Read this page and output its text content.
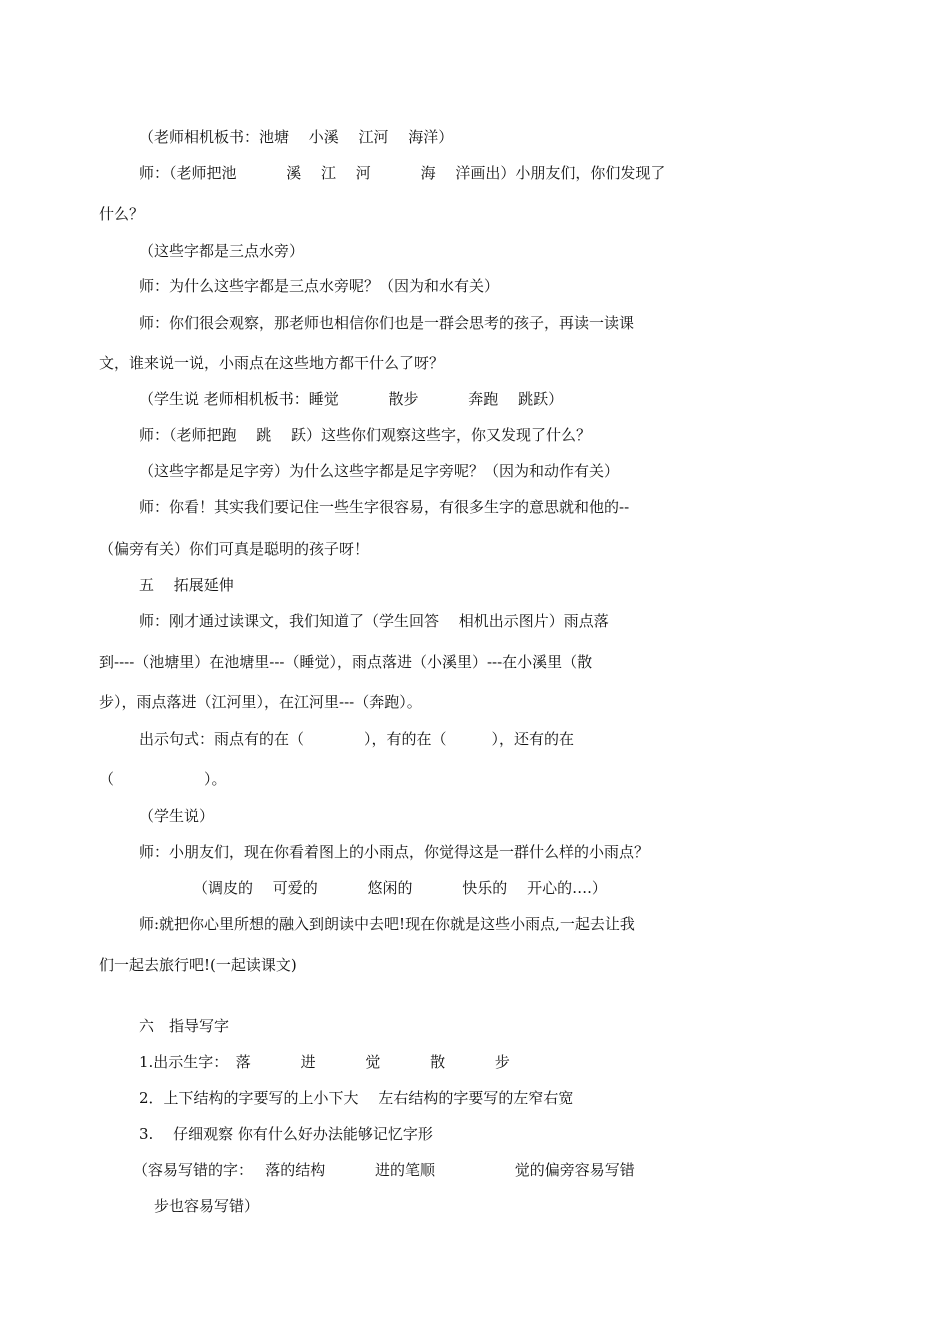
（老师相机板书：池塘　 小溪　 江河　 海洋）
师：（老师把池　　　 溪　 江　 河　　　 海　 洋画出）小朋友们，你们发现了
什么？
（这些字都是三点水旁）
师：为什么这些字都是三点水旁呢？（因为和水有关）
师：你们很会观察，那老师也相信你们也是一群会思考的孩子，再读一读课
文，谁来说一说，小雨点在这些地方都干什么了呀？
（学生说 老师相机板书：睡觉　　　 散步　　　 奔跑　 跳跃）
师：（老师把跑　 跳　 跃）这些你们观察这些字，你又发现了什么？
（这些字都是足字旁）为什么这些字都是足字旁呢？（因为和动作有关）
师：你看！其实我们要记住一些生字很容易，有很多生字的意思就和他的--
（偏旁有关）你们可真是聪明的孩子呀！
五　 拓展延伸
师：刚才通过读课文，我们知道了（学生回答　 相机出示图片）雨点落
到----（池塘里）在池塘里---（睡觉），雨点落进（小溪里）---在小溪里（散
步），雨点落进（江河里），在江河里---（奔跑）。
出示句式：雨点有的在（　　　　），有的在（　　　），还有的在
（　　　　　　）。
（学生说）
师：小朋友们，现在你看着图上的小雨点，你觉得这是一群什么样的小雨点？
（调皮的　 可爱的　　　 悠闲的　　　 快乐的　 开心的….）
师:就把你心里所想的融入到朗读中去吧!现在你就是这些小雨点,一起去让我
们一起去旅行吧!(一起读课文)
六　指导写字
1.出示生字：　落　　　 进　　　 觉　　　 散　　　 步
2．上下结构的字要写的上小下大　 左右结构的字要写的左窄右宽
3.　 仔细观察 你有什么好办法能够记忆字形
（容易写错的字：　 落的结构　　　 进的笔顺　　　　　 觉的偏旁容易写错
步也容易写错）
